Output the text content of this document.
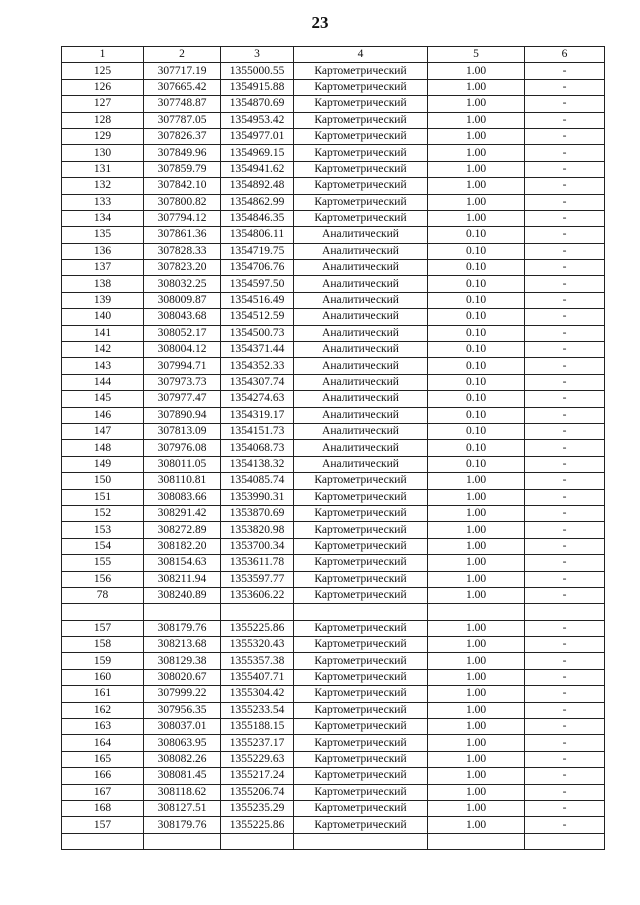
23
1	2	3	4	5	6
125	307717.19	1355000.55	Картометрический	1.00	-
126	307665.42	1354915.88	Картометрический	1.00	-
127	307748.87	1354870.69	Картометрический	1.00	-
128	307787.05	1354953.42	Картометрический	1.00	-
129	307826.37	1354977.01	Картометрический	1.00	-
130	307849.96	1354969.15	Картометрический	1.00	-
131	307859.79	1354941.62	Картометрический	1.00	-
132	307842.10	1354892.48	Картометрический	1.00	-
133	307800.82	1354862.99	Картометрический	1.00	-
134	307794.12	1354846.35	Картометрический	1.00	-
135	307861.36	1354806.11	Аналитический	0.10	-
136	307828.33	1354719.75	Аналитический	0.10	-
137	307823.20	1354706.76	Аналитический	0.10	-
138	308032.25	1354597.50	Аналитический	0.10	-
139	308009.87	1354516.49	Аналитический	0.10	-
140	308043.68	1354512.59	Аналитический	0.10	-
141	308052.17	1354500.73	Аналитический	0.10	-
142	308004.12	1354371.44	Аналитический	0.10	-
143	307994.71	1354352.33	Аналитический	0.10	-
144	307973.73	1354307.74	Аналитический	0.10	-
145	307977.47	1354274.63	Аналитический	0.10	-
146	307890.94	1354319.17	Аналитический	0.10	-
147	307813.09	1354151.73	Аналитический	0.10	-
148	307976.08	1354068.73	Аналитический	0.10	-
149	308011.05	1354138.32	Аналитический	0.10	-
150	308110.81	1354085.74	Картометрический	1.00	-
151	308083.66	1353990.31	Картометрический	1.00	-
152	308291.42	1353870.69	Картометрический	1.00	-
153	308272.89	1353820.98	Картометрический	1.00	-
154	308182.20	1353700.34	Картометрический	1.00	-
155	308154.63	1353611.78	Картометрический	1.00	-
156	308211.94	1353597.77	Картометрический	1.00	-
78	308240.89	1353606.22	Картометрический	1.00	-

157	308179.76	1355225.86	Картометрический	1.00	-
158	308213.68	1355320.43	Картометрический	1.00	-
159	308129.38	1355357.38	Картометрический	1.00	-
160	308020.67	1355407.71	Картометрический	1.00	-
161	307999.22	1355304.42	Картометрический	1.00	-
162	307956.35	1355233.54	Картометрический	1.00	-
163	308037.01	1355188.15	Картометрический	1.00	-
164	308063.95	1355237.17	Картометрический	1.00	-
165	308082.26	1355229.63	Картометрический	1.00	-
166	308081.45	1355217.24	Картометрический	1.00	-
167	308118.62	1355206.74	Картометрический	1.00	-
168	308127.51	1355235.29	Картометрический	1.00	-
157	308179.76	1355225.86	Картометрический	1.00	-
